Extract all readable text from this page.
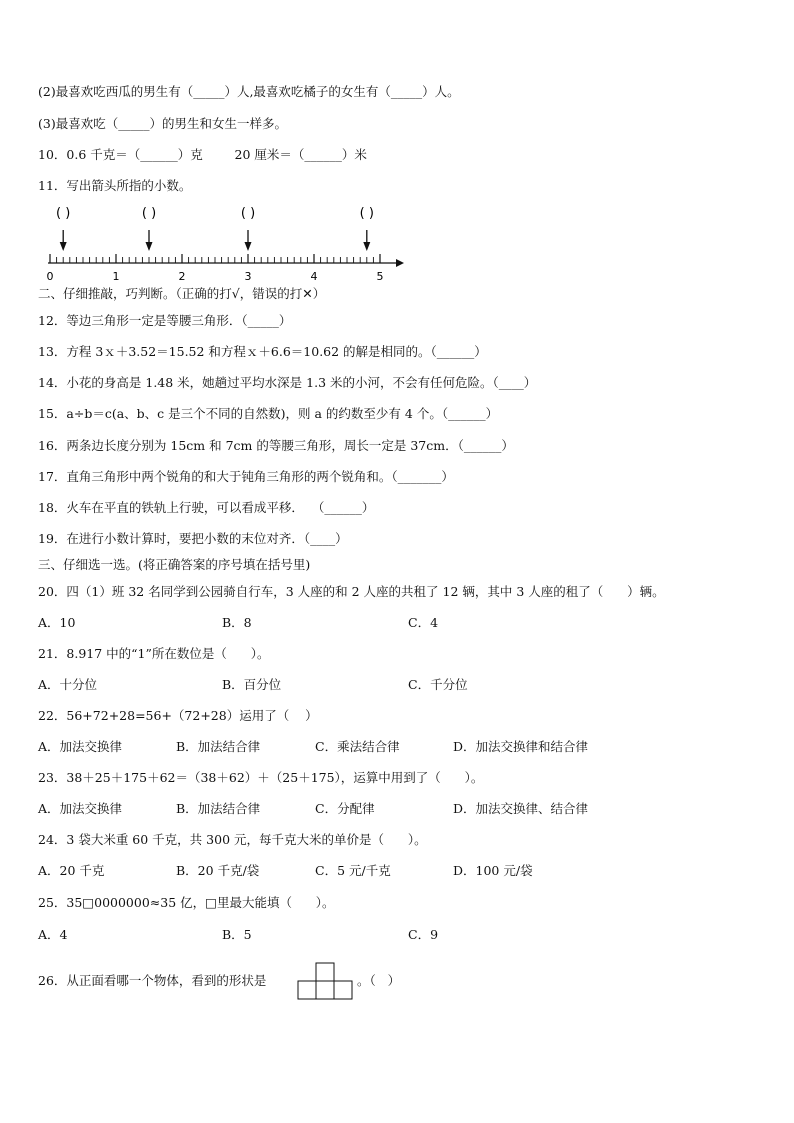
(2)最喜欢吃西瓜的男生有（_____）人,最喜欢吃橘子的女生有（_____）人。
(3)最喜欢吃（_____）的男生和女生一样多。
10．0.6 千克＝（______）克        20 厘米＝（______）米
11．写出箭头所指的小数。
( )	( )	( )	( )
0	1	2	3	4	5
二、仔细推敲，巧判断。（正确的打√，错误的打✕）
12．等边三角形一定是等腰三角形．（_____）
13．方程 3ｘ＋3.52＝15.52 和方程ｘ＋6.6＝10.62 的解是相同的。（______）
14．小花的身高是 1.48 米，她趟过平均水深是 1.3 米的小河，不会有任何危险。（____）
15．a÷b＝c(a、b、c 是三个不同的自然数)，则 a 的约数至少有 4 个。（______）
16．两条边长度分别为 15cm 和 7cm 的等腰三角形，周长一定是 37cm．（______）
17．直角三角形中两个锐角的和大于钝角三角形的两个锐角和。（_______）
18．火车在平直的铁轨上行驶，可以看成平移．  （______）
19．在进行小数计算时，要把小数的末位对齐．（____）
三、仔细选一选。(将正确答案的序号填在括号里)
20．四（1）班 32 名同学到公园骑自行车，3 人座的和 2 人座的共租了 12 辆，其中 3 人座的租了（      ）辆。
A．10	B．8	C．4
21．8.917 中的“1”所在数位是（      ）。
A．十分位	B．百分位	C．千分位
22．56+72+28=56+（72+28）运用了（    ）
A．加法交换律	B．加法结合律	C．乘法结合律	D．加法交换律和结合律
23．38＋25＋175＋62＝（38＋62）＋（25＋175），运算中用到了（      ）。
A．加法交换律	B．加法结合律	C．分配律	D．加法交换律、结合律
24．3 袋大米重 60 千克，共 300 元，每千克大米的单价是（      ）。
A．20 千克	B．20 千克/袋	C．5 元/千克	D．100 元/袋
25．35□0000000≈35 亿，□里最大能填（      ）。
A．4	B．5	C．9
26．从正面看哪一个物体，看到的形状是	。（   ）
